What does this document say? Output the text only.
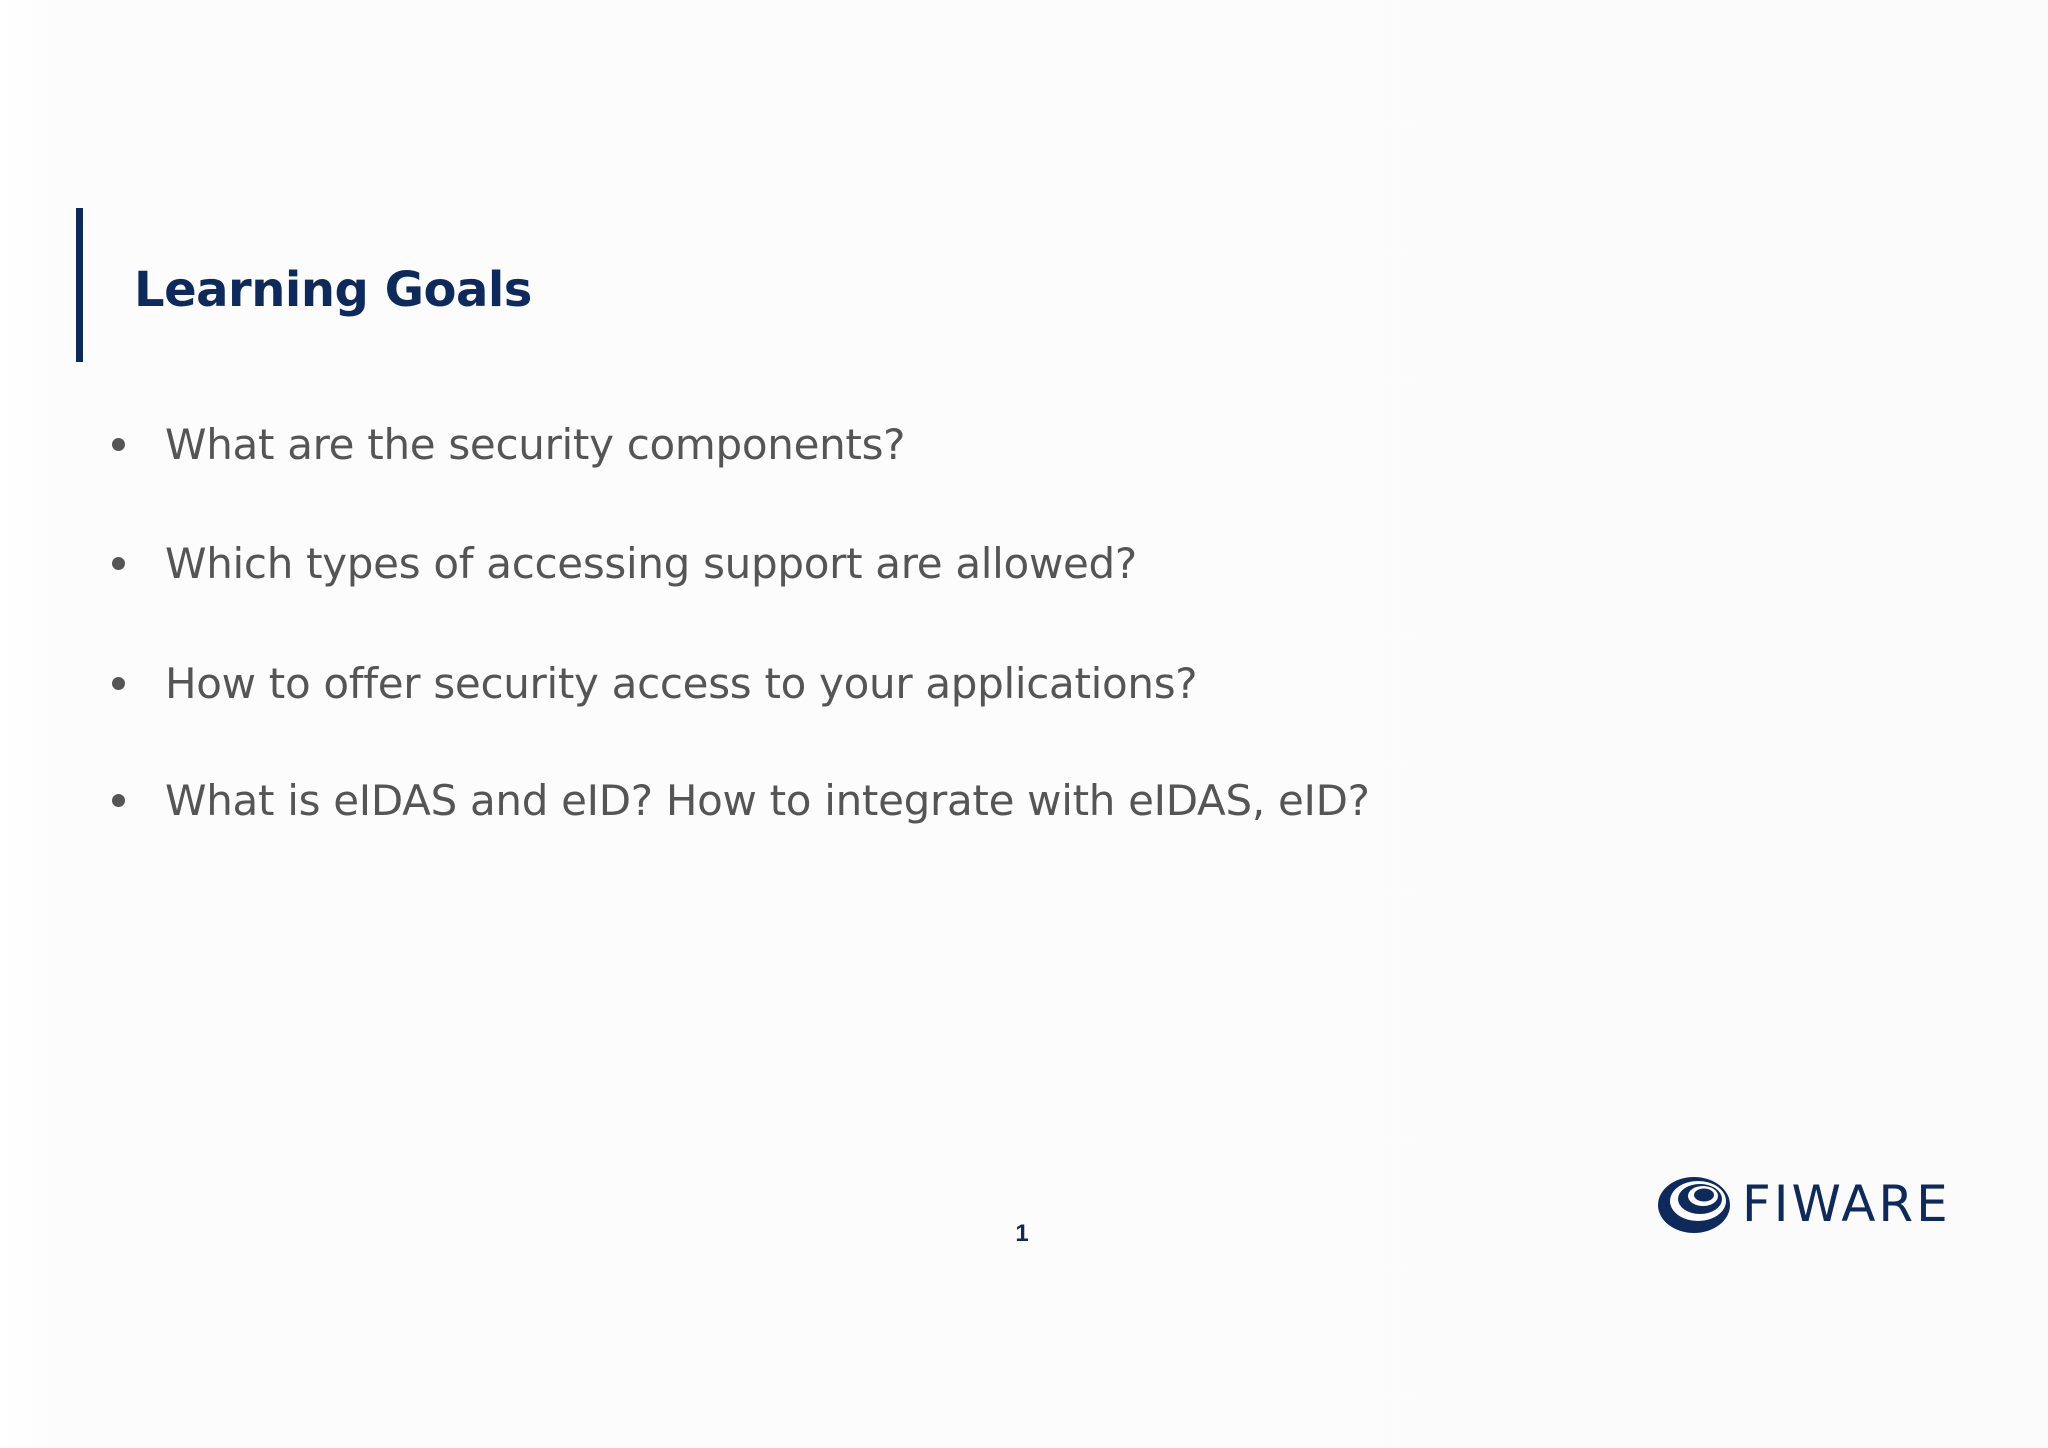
Learning Goals
What are the security components?
Which types of accessing support are allowed?
How to offer security access to your applications?
What is eIDAS and eID? How to integrate with eIDAS, eID?
1
FIWARE
